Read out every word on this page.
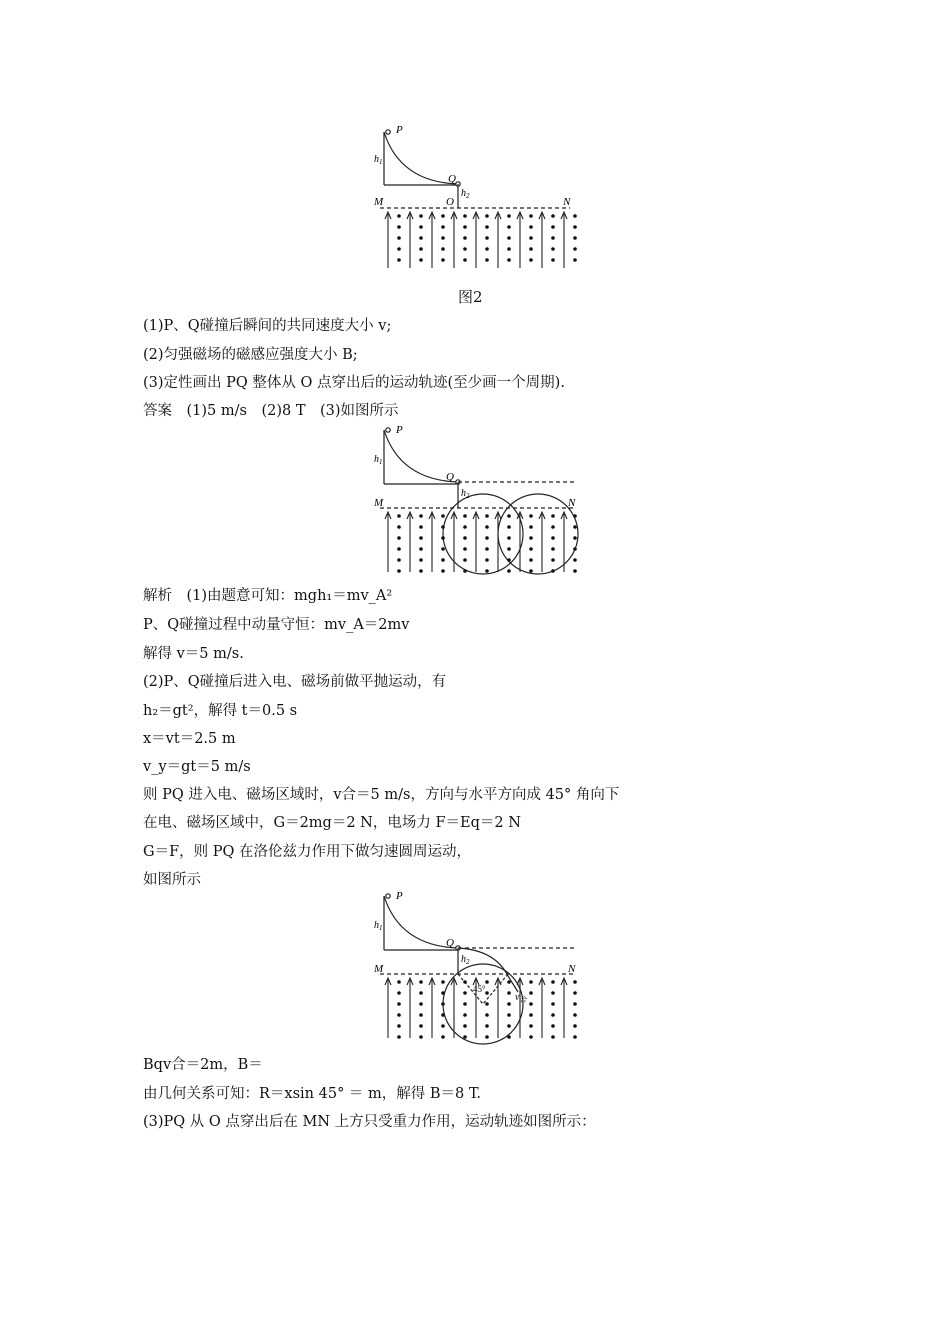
P
$h_1$
Q
$h_2$
M	O	N
图2
P
$h_1$
Q
$h_2$
M	N
P
$h_1$
Q
$h_2$
M	N
45°
$v_合$
(1)P、Q碰撞后瞬间的共同速度大小 v;
(2)匀强磁场的磁感应强度大小 B;
(3)定性画出 PQ 整体从 O 点穿出后的运动轨迹(至少画一个周期).
答案　(1)5 m/s　(2)8 T　(3)如图所示
解析　(1)由题意可知：mgh₁＝mv_A²
P、Q碰撞过程中动量守恒：mv_A＝2mv
解得 v＝5 m/s.
(2)P、Q碰撞后进入电、磁场前做平抛运动，有
h₂＝gt²，解得 t＝0.5 s
x＝vt＝2.5 m
v_y＝gt＝5 m/s
则 PQ 进入电、磁场区域时，v合＝5 m/s，方向与水平方向成 45° 角向下
在电、磁场区域中，G＝2mg＝2 N，电场力 F＝Eq＝2 N
G＝F，则 PQ 在洛伦兹力作用下做匀速圆周运动，
如图所示
Bqv合＝2m，B＝
由几何关系可知：R＝xsin 45° ＝ m，解得 B＝8 T.
(3)PQ 从 O 点穿出后在 MN 上方只受重力作用，运动轨迹如图所示：
